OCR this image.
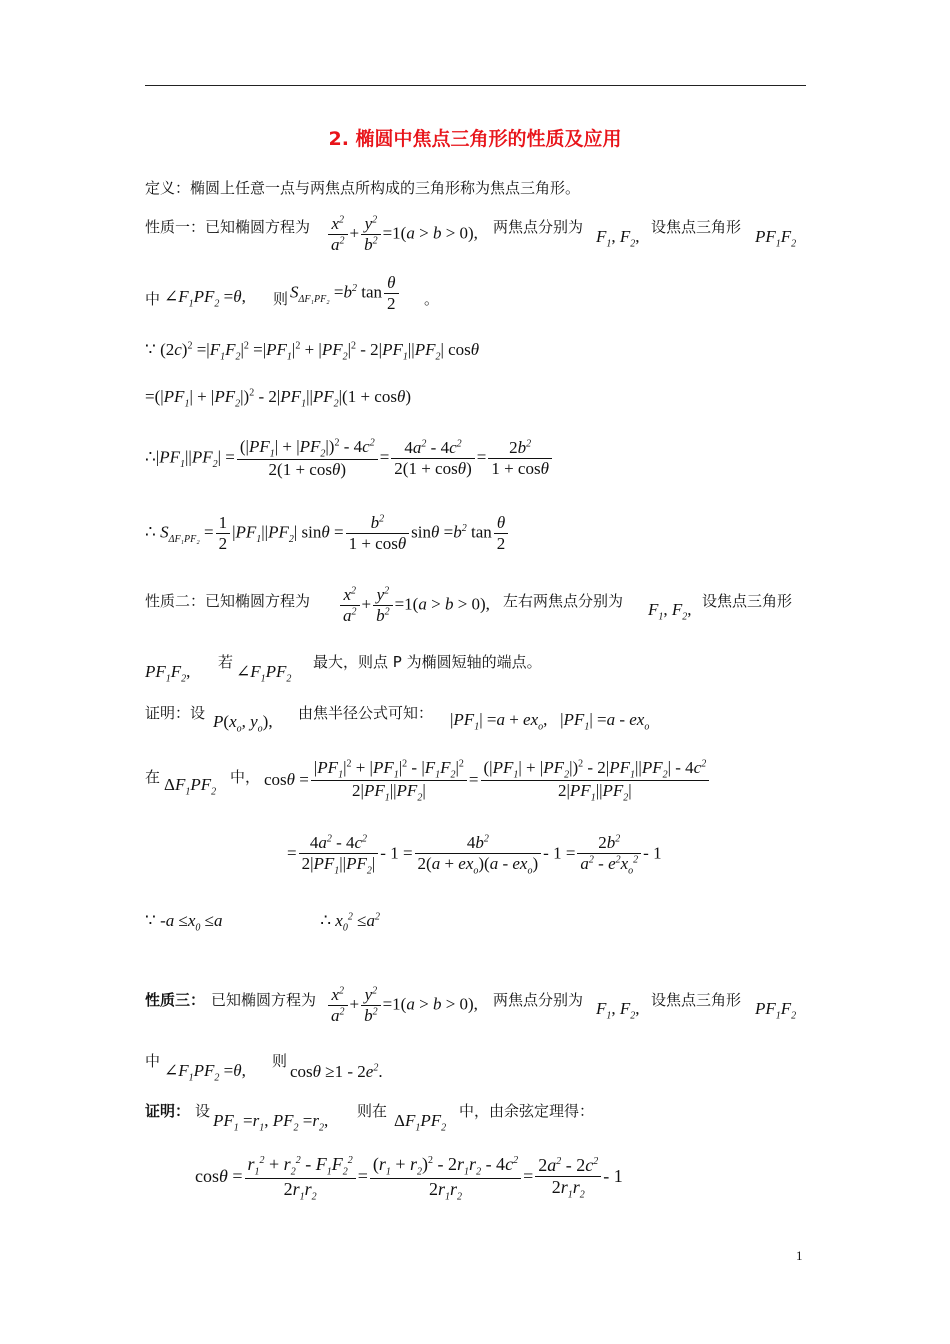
2. 椭圆中焦点三角形的性质及应用
定义：椭圆上任意一点与两焦点所构成的三角形称为焦点三角形。
性质一：已知椭圆方程为 $\frac{x^2}{a^2} + \frac{y^2}{b^2} =1(a > b > 0)$, 两焦点分别为 $F_1$, $F_2$, 设焦点三角形 $PF_1F_2$
中 $\angle F_1PF_2 =\theta$, 则 $S_{\Delta F_1PF_2} =b^2$ $\tan \frac{\theta}{2}$ 。
∵ $(2c)^2 =|F_1F_2|^2 =|PF_1|^2 + |PF_2|^2 - 2|PF_1||PF_2|$ cosθ
$=(|PF_1| + |PF_2|)^2 - 2|PF_1||PF_2|(1 + \cos\theta)$
$\therefore|PF_1||PF_2| = \frac{(|PF_1| + |PF_2|)^2 - 4c^2}{2(1 + \cos\theta)} = \frac{4a^2 - 4c^2}{2(1 + \cos\theta)} = \frac{2b^2}{1 + \cos\theta}$
∴ $S_{\Delta F_1PF_2} = \frac{1}{2} |PF_1||PF_2|$ $\sin\theta = \frac{b^2}{1 + \cos\theta}$ $\sin\theta =b^2$ $\tan \frac{\theta}{2}$
性质二：已知椭圆方程为 $\frac{x^2}{a^2} + \frac{y^2}{b^2} =1(a > b > 0)$, 左右两焦点分别为 $F_1$, $F_2$, 设焦点三角形
$PF_1F_2$, 若 $\angle F_1PF_2$
最大，则点 P 为椭圆短轴的端点。
证明：设 $P(x_o$, $y_o$), 由焦半径公式可知： $|PF_1| =a + ex_o$,   $|PF_1| =a - ex_o$
在 $\Delta F_1PF_2$
中， $\cos\theta = \frac{|PF_1|^2 + |PF_1|^2 - |F_1F_2|^2}{2|PF_1||PF_2|} = \frac{(|PF_1| + |PF_2|)^2 - 2|PF_1||PF_2| - 4c^2}{2|PF_1||PF_2|}$
= $\frac{4a^2 - 4c^2}{2|PF_1||PF_2|} - 1 = \frac{4b^2}{2(a + ex_o)(a - ex_o)} - 1 = \frac{2b^2}{a^2 - e^2x_o^2} - 1$
∵ $-a \le x_0 \le a$                       ∴ $x_0^2 \le a^2$
性质三： 已知椭圆方程为 $\frac{x^2}{a^2} + \frac{y^2}{b^2} =1(a > b > 0)$, 两焦点分别为 $F_1$, $F_2$, 设焦点三角形 $PF_1F_2$
中 $\angle F_1PF_2 =\theta$, 则
$\cos\theta \ge 1 - 2e^2$.
证明： 设 $PF_1 =r_1$, $PF_2 =r_2$, 则在 $\Delta F_1PF_2$
中，由余弦定理得：
$\cos\theta = \frac{r_1^2 + r_2^2 - F_1F_2^2}{2r_1r_2} = \frac{(r_1 + r_2)^2 - 2r_1r_2 - 4c^2}{2r_1r_2} = \frac{2a^2 - 2c^2}{2r_1r_2} - 1$
1
